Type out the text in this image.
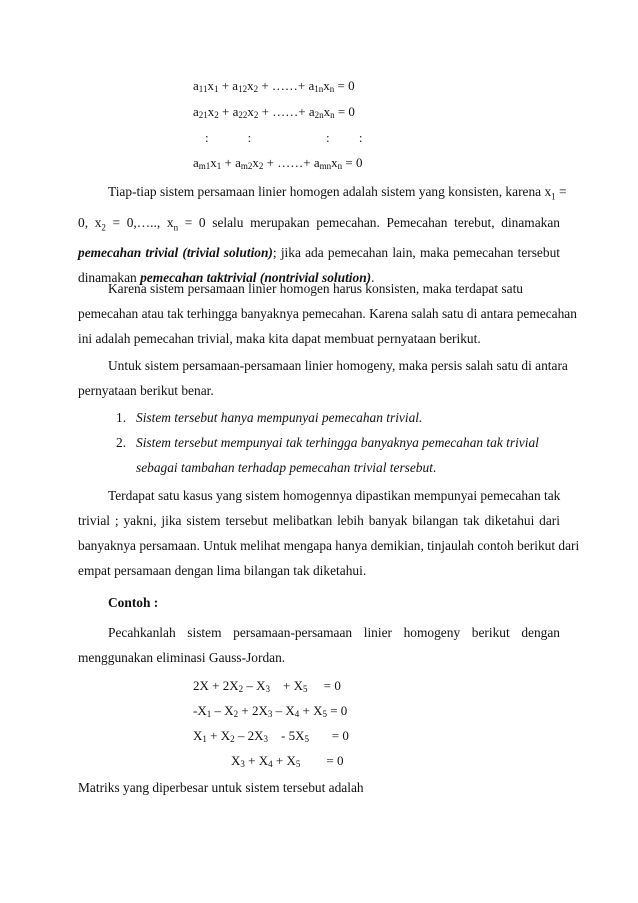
$a_{11}x_1 + a_{12}x_2$ + ……+ $a_{1n}x_n = 0$
$a_{21}x_2 + a_{22}x_2$ + ……+ $a_{2n}x_n = 0$
:            :                       :         :
$a_{m1}x_1 + a_{m2}x_2$ + ……+ $a_{mn}x_n = 0$
Tiap-tiap sistem persamaan linier homogen adalah sistem yang konsisten, karena $x_1$ =
0, $x_2$ = 0,….., $x_n = 0$ selalu merupakan pemecahan. Pemecahan terebut, dinamakan
pemecahan trivial (trivial solution); jika ada pemecahan lain, maka pemecahan tersebut
dinamakan pemecahan taktrivial (nontrivial solution).
Karena sistem persamaan linier homogen harus konsisten, maka terdapat satu
pemecahan atau tak terhingga banyaknya pemecahan. Karena salah satu di antara pemecahan
ini adalah pemecahan trivial, maka kita dapat membuat pernyataan berikut.
Untuk sistem persamaan-persamaan linier homogeny, maka persis salah satu di antara
pernyataan berikut benar.
1. Sistem tersebut hanya mempunyai pemecahan trivial.
2. Sistem tersebut mempunyai tak terhingga banyaknya pemecahan tak trivial
sebagai tambahan terhadap pemecahan trivial tersebut.
Terdapat satu kasus yang sistem homogennya dipastikan mempunyai pemecahan tak
trivial ; yakni, jika sistem tersebut melibatkan lebih banyak bilangan tak diketahui dari
banyaknya persamaan. Untuk melihat mengapa hanya demikian, tinjaulah contoh berikut dari
empat persamaan dengan lima bilangan tak diketahui.
Contoh :
Pecahkanlah sistem persamaan-persamaan linier homogeny berikut dengan
menggunakan eliminasi Gauss-Jordan.
$2X + 2X_2 - X_3$    + $X_5$     = 0
$-X_1 - X_2 + 2X_3 - X_4 + X_5 = 0$
$X_1 + X_2 - 2X_3$    - $5X_5$       = 0
$X_3 + X_4 + X_5$        = 0
Matriks yang diperbesar untuk sistem tersebut adalah
